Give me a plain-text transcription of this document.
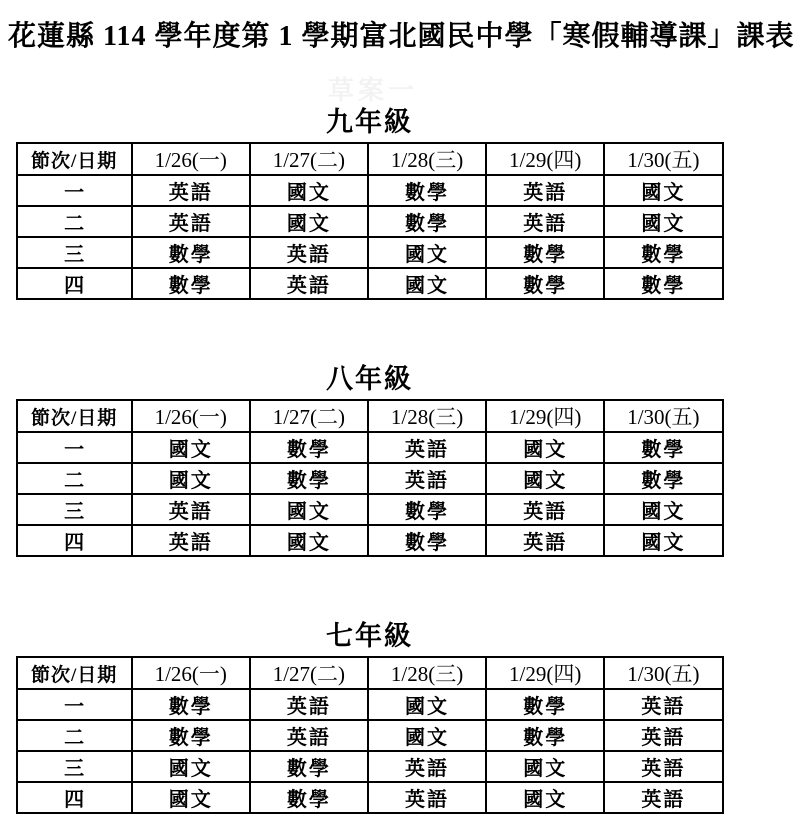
花蓮縣 114 學年度第 1 學期富北國民中學「寒假輔導課」課表
草案一
九年級
節次/日期	1/26(一)	1/27(二)	1/28(三)	1/29(四)	1/30(五)
一	英語	國文	數學	英語	國文
二	英語	國文	數學	英語	國文
三	數學	英語	國文	數學	數學
四	數學	英語	國文	數學	數學
八年級
節次/日期	1/26(一)	1/27(二)	1/28(三)	1/29(四)	1/30(五)
一	國文	數學	英語	國文	數學
二	國文	數學	英語	國文	數學
三	英語	國文	數學	英語	國文
四	英語	國文	數學	英語	國文
七年級
節次/日期	1/26(一)	1/27(二)	1/28(三)	1/29(四)	1/30(五)
一	數學	英語	國文	數學	英語
二	數學	英語	國文	數學	英語
三	國文	數學	英語	國文	英語
四	國文	數學	英語	國文	英語
